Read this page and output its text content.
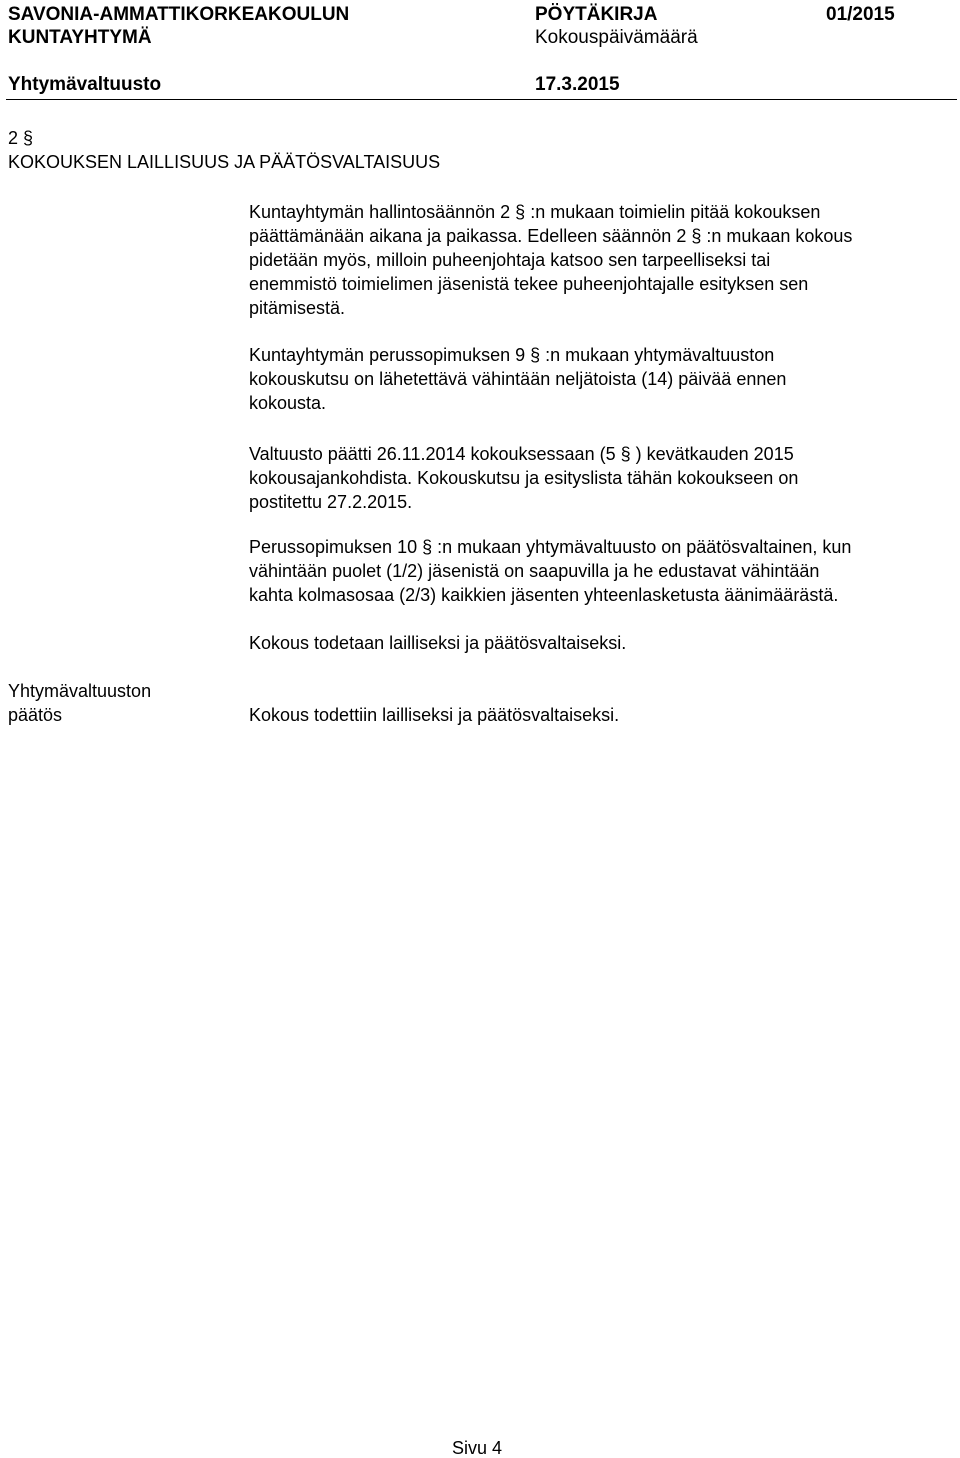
SAVONIA-AMMATTIKORKEAKOULUN
KUNTAYHTYMÄ
PÖYTÄKIRJA	01/2015
Kokouspäivämäärä
Yhtymävaltuusto	17.3.2015
2 §
KOKOUKSEN LAILLISUUS JA PÄÄTÖSVALTAISUUS
Kuntayhtymän hallintosäännön 2 § :n mukaan toimielin pitää kokouksen
päättämänään aikana ja paikassa. Edelleen säännön 2 § :n mukaan kokous
pidetään myös, milloin puheenjohtaja katsoo sen tarpeelliseksi tai
enemmistö toimielimen jäsenistä tekee puheenjohtajalle esityksen sen
pitämisestä.
Kuntayhtymän perussopimuksen 9 § :n mukaan yhtymävaltuuston
kokouskutsu on lähetettävä vähintään neljätoista (14) päivää ennen
kokousta.
Valtuusto päätti 26.11.2014 kokouksessaan (5 § ) kevätkauden 2015
kokousajankohdista. Kokouskutsu ja esityslista tähän kokoukseen on
postitettu 27.2.2015.
Perussopimuksen 10 § :n mukaan yhtymävaltuusto on päätösvaltainen, kun
vähintään puolet (1/2) jäsenistä on saapuvilla ja he edustavat vähintään
kahta kolmasosaa (2/3) kaikkien jäsenten yhteenlasketusta äänimäärästä.
Kokous todetaan lailliseksi ja päätösvaltaiseksi.
Yhtymävaltuuston
päätös	Kokous todettiin lailliseksi ja päätösvaltaiseksi.
Sivu 4
